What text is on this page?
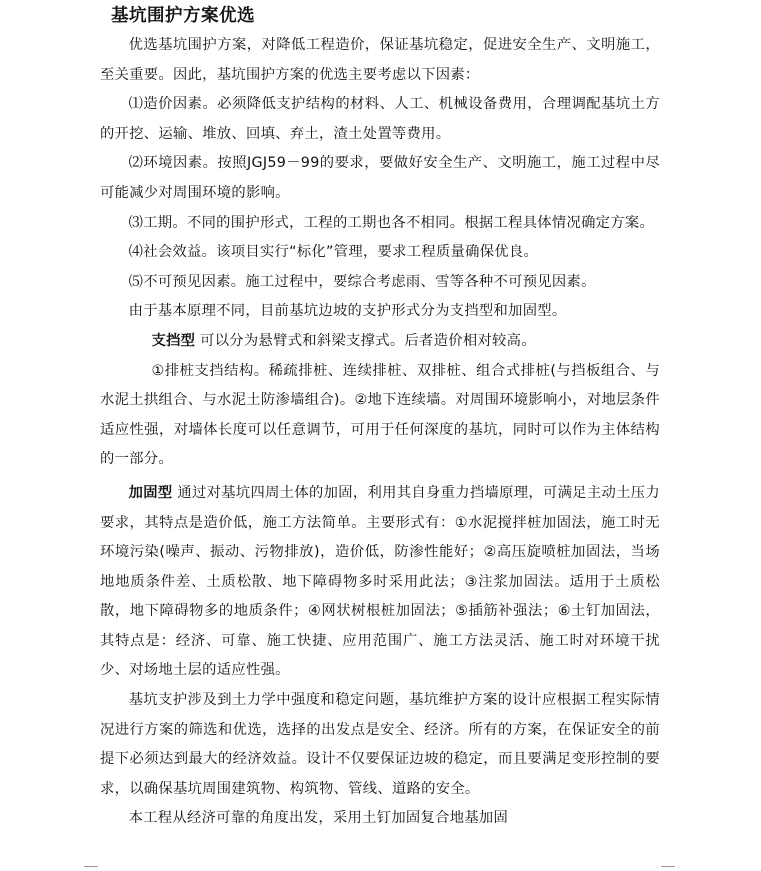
基坑围护方案优选

优选基坑围护方案，对降低工程造价，保证基坑稳定，促进安全生产、文明施工，至关重要。因此，基坑围护方案的优选主要考虑以下因素：

⑴造价因素。必须降低支护结构的材料、人工、机械设备费用，合理调配基坑土方的开挖、运输、堆放、回填、弃土，渣土处置等费用。

⑵环境因素。按照JGJ59－99的要求，要做好安全生产、文明施工，施工过程中尽可能减少对周围环境的影响。

⑶工期。不同的围护形式，工程的工期也各不相同。根据工程具体情况确定方案。

⑷社会效益。该项目实行“标化”管理，要求工程质量确保优良。

⑸不可预见因素。施工过程中，要综合考虑雨、雪等各种不可预见因素。

由于基本原理不同，目前基坑边坡的支护形式分为支挡型和加固型。

支挡型 可以分为悬臂式和斜梁支撑式。后者造价相对较高。

①排桩支挡结构。稀疏排桩、连续排桩、双排桩、组合式排桩(与挡板组合、与水泥土拱组合、与水泥土防渗墙组合)。②地下连续墙。对周围环境影响小，对地层条件适应性强，对墙体长度可以任意调节，可用于任何深度的基坑，同时可以作为主体结构的一部分。

加固型 通过对基坑四周土体的加固，利用其自身重力挡墙原理，可满足主动土压力要求，其特点是造价低，施工方法简单。主要形式有：①水泥搅拌桩加固法，施工时无环境污染(噪声、振动、污物排放)，造价低，防渗性能好；②高压旋喷桩加固法，当场地地质条件差、土质松散、地下障碍物多时采用此法；③注浆加固法。适用于土质松散，地下障碍物多的地质条件；④网状树根桩加固法；⑤插筋补强法；⑥土钉加固法，其特点是：经济、可靠、施工快捷、应用范围广、施工方法灵活、施工时对环境干扰少、对场地土层的适应性强。

基坑支护涉及到土力学中强度和稳定问题，基坑维护方案的设计应根据工程实际情况进行方案的筛选和优选，选择的出发点是安全、经济。所有的方案，在保证安全的前提下必须达到最大的经济效益。设计不仅要保证边坡的稳定，而且要满足变形控制的要求，以确保基坑周围建筑物、构筑物、管线、道路的安全。

本工程从经济可靠的角度出发，采用土钉加固复合地基加固
